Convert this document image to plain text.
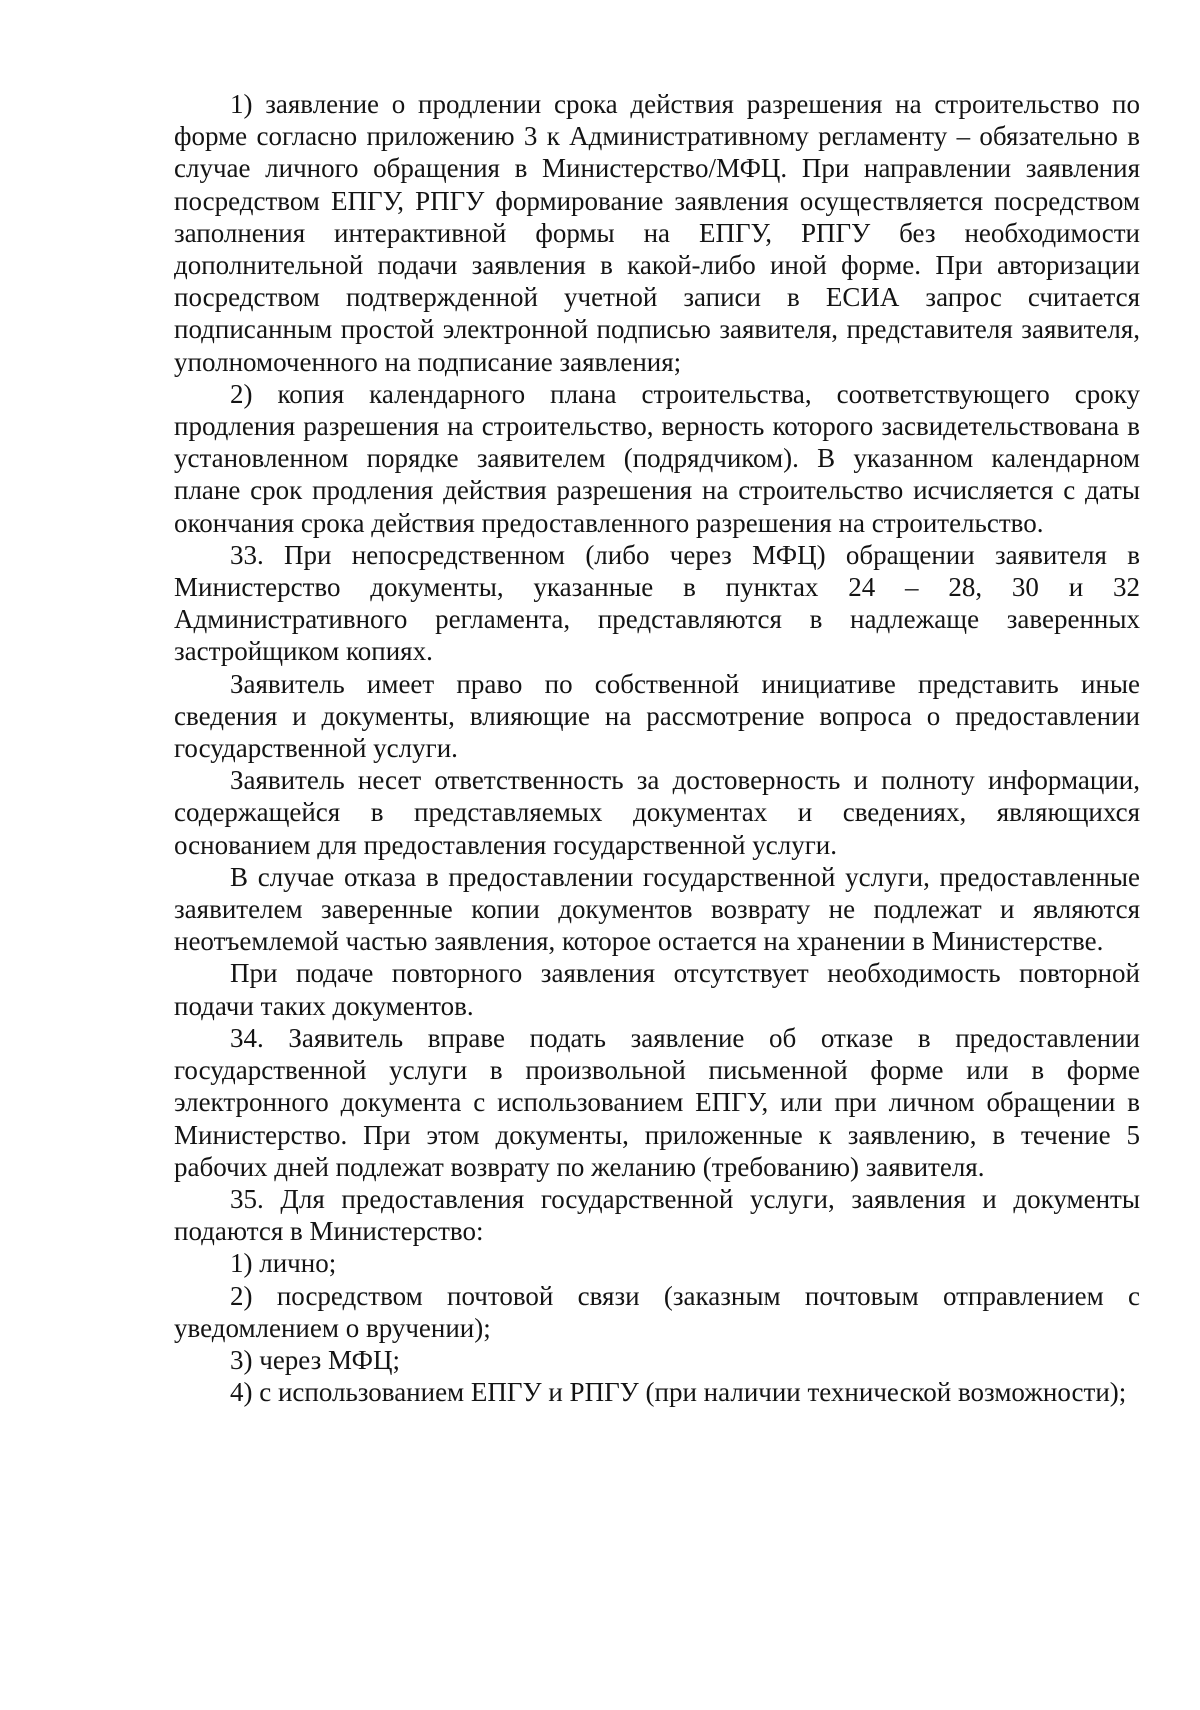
1) заявление о продлении срока действия разрешения на строительство по форме согласно приложению 3 к Административному регламенту – обязательно в случае личного обращения в Министерство/МФЦ. При направлении заявления посредством ЕПГУ, РПГУ формирование заявления осуществляется посредством заполнения интерактивной формы на ЕПГУ, РПГУ без необходимости дополнительной подачи заявления в какой-либо иной форме. При авторизации посредством подтвержденной учетной записи в ЕСИА запрос считается подписанным простой электронной подписью заявителя, представителя заявителя, уполномоченного на подписание заявления;

2) копия календарного плана строительства, соответствующего сроку продления разрешения на строительство, верность которого засвидетельствована в установленном порядке заявителем (подрядчиком). В указанном календарном плане срок продления действия разрешения на строительство исчисляется с даты окончания срока действия предоставленного разрешения на строительство.

33. При непосредственном (либо через МФЦ) обращении заявителя в Министерство документы, указанные в пунктах 24 – 28, 30 и 32 Административного регламента, представляются в надлежаще заверенных застройщиком копиях.

Заявитель имеет право по собственной инициативе представить иные сведения и документы, влияющие на рассмотрение вопроса о предоставлении государственной услуги.

Заявитель несет ответственность за достоверность и полноту информации, содержащейся в представляемых документах и сведениях, являющихся основанием для предоставления государственной услуги.

В случае отказа в предоставлении государственной услуги, предоставленные заявителем заверенные копии документов возврату не подлежат и являются неотъемлемой частью заявления, которое остается на хранении в Министерстве.

При подаче повторного заявления отсутствует необходимость повторной подачи таких документов.

34. Заявитель вправе подать заявление об отказе в предоставлении государственной услуги в произвольной письменной форме или в форме электронного документа с использованием ЕПГУ, или при личном обращении в Министерство. При этом документы, приложенные к заявлению, в течение 5 рабочих дней подлежат возврату по желанию (требованию) заявителя.

35. Для предоставления государственной услуги, заявления и документы подаются в Министерство:

1) лично;

2) посредством почтовой связи (заказным почтовым отправлением с уведомлением о вручении);

3) через МФЦ;

4) с использованием ЕПГУ и РПГУ (при наличии технической возможности);
